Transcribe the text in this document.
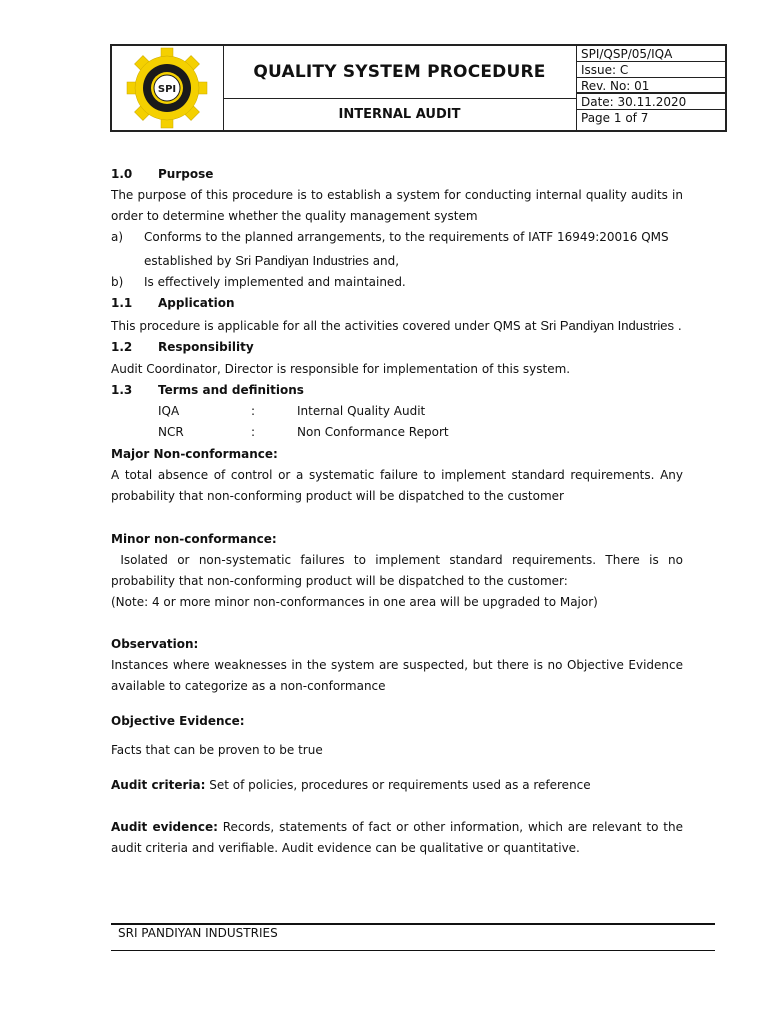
SPI
QUALITY SYSTEM PROCEDURE
INTERNAL AUDIT
SPI/QSP/05/IQA
Issue: C
Rev. No: 01
Date: 30.11.2020
Page 1 of 7
1.0 Purpose
The purpose of this procedure is to establish a system for conducting internal quality audits in order to determine whether the quality management system
a)	Conforms to the planned arrangements, to the requirements of IATF 16949:20016 QMS
established by Sri Pandiyan Industries and,
b)	Is effectively implemented and maintained.
1.1 Application
This procedure is applicable for all the activities covered under QMS at Sri Pandiyan Industries .
1.2 Responsibility
Audit Coordinator, Director is responsible for implementation of this system.
1.3 Terms and definitions
IQA	:	Internal Quality Audit
NCR	:	Non Conformance Report
Major Non-conformance:
A total absence of control or a systematic failure to implement standard requirements. Any probability that non-conforming product will be dispatched to the customer
Minor non-conformance:
Isolated or non-systematic failures to implement standard requirements. There is no probability that non-conforming product will be dispatched to the customer:
(Note: 4 or more minor non-conformances in one area will be upgraded to Major)
Observation:
Instances where weaknesses in the system are suspected, but there is no Objective Evidence available to categorize as a non-conformance
Objective Evidence:
Facts that can be proven to be true
Audit criteria: Set of policies, procedures or requirements used as a reference
Audit evidence: Records, statements of fact or other information, which are relevant to the audit criteria and verifiable. Audit evidence can be qualitative or quantitative.
SRI PANDIYAN INDUSTRIES
